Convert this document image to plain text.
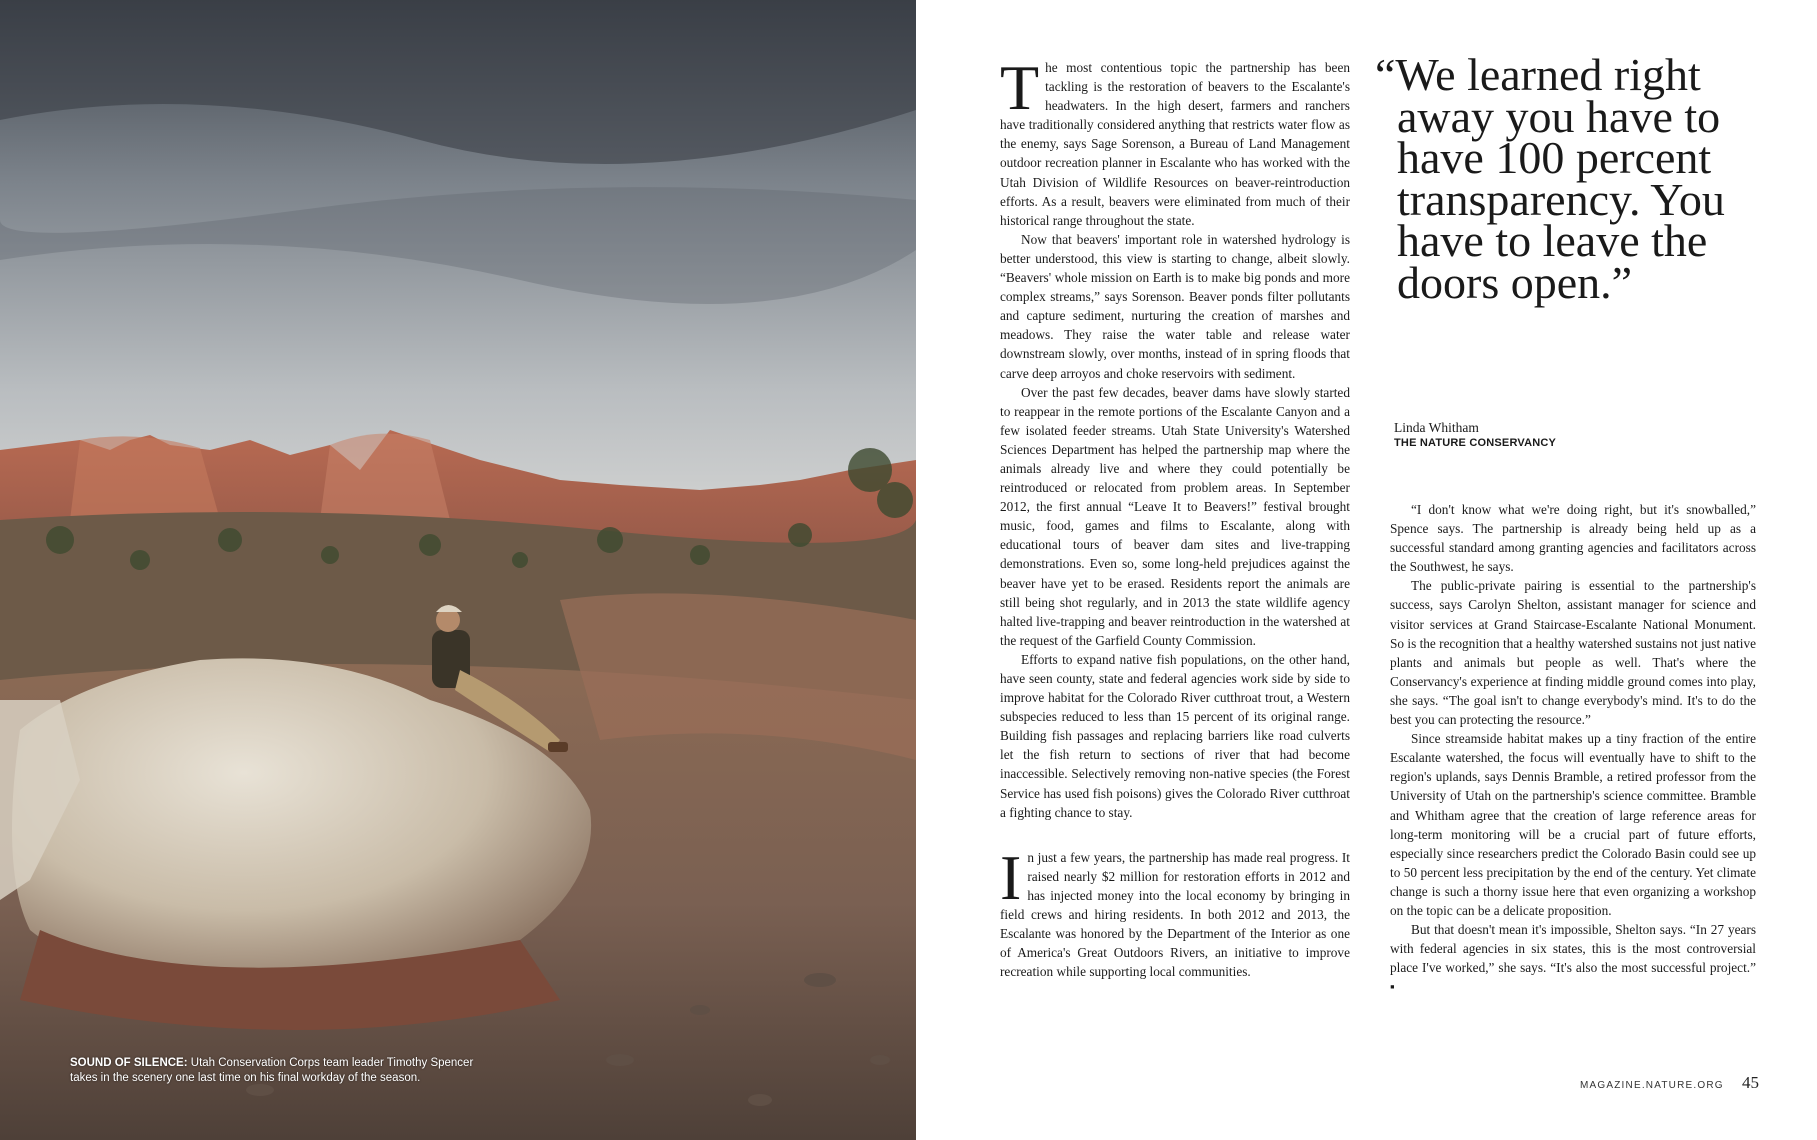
SOUND OF SILENCE: Utah Conservation Corps team leader Timothy Spencer takes in the scenery one last time on his final workday of the season.

The most contentious topic the partnership has been tackling is the restoration of beavers to the Escalante's headwaters. In the high desert, farmers and ranchers have traditionally considered anything that restricts water flow as the enemy, says Sage Sorenson, a Bureau of Land Management outdoor recreation planner in Escalante who has worked with the Utah Division of Wildlife Resources on beaver-reintroduction efforts. As a result, beavers were eliminated from much of their historical range throughout the state.

Now that beavers' important role in watershed hydrology is better understood, this view is starting to change, albeit slowly. “Beavers' whole mission on Earth is to make big ponds and more complex streams,” says Sorenson. Beaver ponds filter pollutants and capture sediment, nurturing the creation of marshes and meadows. They raise the water table and release water downstream slowly, over months, instead of in spring floods that carve deep arroyos and choke reservoirs with sediment.

Over the past few decades, beaver dams have slowly started to reappear in the remote portions of the Escalante Canyon and a few isolated feeder streams. Utah State University's Watershed Sciences Department has helped the partnership map where the animals already live and where they could potentially be reintroduced or relocated from problem areas. In September 2012, the first annual “Leave It to Beavers!” festival brought music, food, games and films to Escalante, along with educational tours of beaver dam sites and live-trapping demonstrations. Even so, some long-held prejudices against the beaver have yet to be erased. Residents report the animals are still being shot regularly, and in 2013 the state wildlife agency halted live-trapping and beaver reintroduction in the watershed at the request of the Garfield County Commission.

Efforts to expand native fish populations, on the other hand, have seen county, state and federal agencies work side by side to improve habitat for the Colorado River cutthroat trout, a Western subspecies reduced to less than 15 percent of its original range. Building fish passages and replacing barriers like road culverts let the fish return to sections of river that had become inaccessible. Selectively removing non-native species (the Forest Service has used fish poisons) gives the Colorado River cutthroat a fighting chance to stay.

In just a few years, the partnership has made real progress. It raised nearly $2 million for restoration efforts in 2012 and has injected money into the local economy by bringing in field crews and hiring residents. In both 2012 and 2013, the Escalante was honored by the Department of the Interior as one of America's Great Outdoors Rivers, an initiative to improve recreation while supporting local communities.

“We learned right away you have to have 100 percent transparency. You have to leave the doors open.”
Linda Whitham
THE NATURE CONSERVANCY

“I don't know what we're doing right, but it's snowballed,” Spence says. The partnership is already being held up as a successful standard among granting agencies and facilitators across the Southwest, he says.

The public-private pairing is essential to the partnership's success, says Carolyn Shelton, assistant manager for science and visitor services at Grand Staircase-Escalante National Monument. So is the recognition that a healthy watershed sustains not just native plants and animals but people as well. That's where the Conservancy's experience at finding middle ground comes into play, she says. “The goal isn't to change everybody's mind. It's to do the best you can protecting the resource.”

Since streamside habitat makes up a tiny fraction of the entire Escalante watershed, the focus will eventually have to shift to the region's uplands, says Dennis Bramble, a retired professor from the University of Utah on the partnership's science committee. Bramble and Whitham agree that the creation of large reference areas for long-term monitoring will be a crucial part of future efforts, especially since researchers predict the Colorado Basin could see up to 50 percent less precipitation by the end of the century. Yet climate change is such a thorny issue here that even organizing a workshop on the topic can be a delicate proposition.

But that doesn't mean it's impossible, Shelton says. “In 27 years with federal agencies in six states, this is the most controversial place I've worked,” she says. “It's also the most successful project.” ▪

MAGAZINE.NATURE.ORG 45
